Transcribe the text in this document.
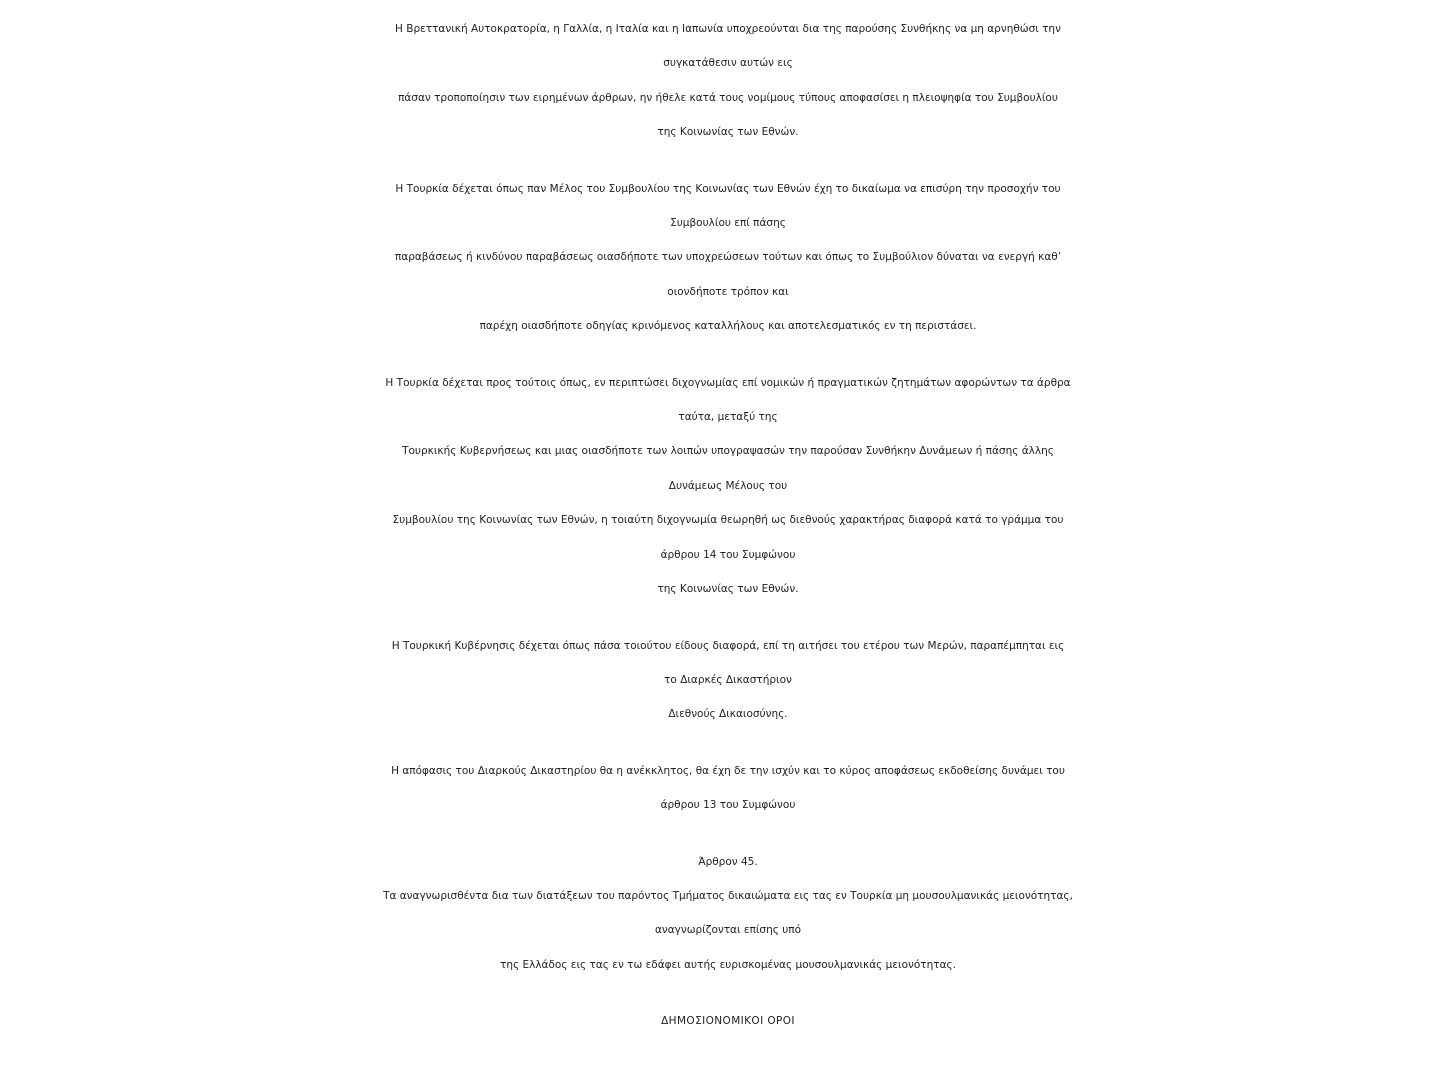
Η Βρεττανική Αυτοκρατορία, η Γαλλία, η Ιταλία και η Ιαπωνία υποχρεούνται δια της παρούσης Συνθήκης να μη αρνηθώσι την
συγκατάθεσιν αυτών εις
πάσαν τροποποίησιν των ειρημένων άρθρων, ην ήθελε κατά τους νομίμους τύπους αποφασίσει η πλειοψηφία του Συμβουλίου
της Κοινωνίας των Εθνών.

Η Τουρκία δέχεται όπως παν Μέλος του Συμβουλίου της Κοινωνίας των Εθνών έχη το δικαίωμα να επισύρη την προσοχήν του
Συμβουλίου επί πάσης
παραβάσεως ή κινδύνου παραβάσεως οιασδήποτε των υποχρεώσεων τούτων και όπως το Συμβούλιον δύναται να ενεργή καθ’
οιονδήποτε τρόπον και
παρέχη οιασδήποτε οδηγίας κρινόμενος καταλλήλους και αποτελεσματικός εν τη περιστάσει.

Η Τουρκία δέχεται προς τούτοις όπως, εν περιπτώσει διχογνωμίας επί νομικών ή πραγματικών ζητημάτων αφορώντων τα άρθρα
ταύτα, μεταξύ της
Τουρκικής Κυβερνήσεως και μιας οιασδήποτε των λοιπών υπογραψασών την παρούσαν Συνθήκην Δυνάμεων ή πάσης άλλης
Δυνάμεως Μέλους του
Συμβουλίου της Κοινωνίας των Εθνών, η τοιαύτη διχογνωμία θεωρηθή ως διεθνούς χαρακτήρας διαφορά κατά το γράμμα του
άρθρου 14 του Συμφώνου
της Κοινωνίας των Εθνών.

Η Τουρκική Κυβέρνησις δέχεται όπως πάσα τοιούτου είδους διαφορά, επί τη αιτήσει του ετέρου των Μερών, παραπέμπηται εις
το Διαρκές Δικαστήριον
Διεθνούς Δικαιοσύνης.

Η απόφασις του Διαρκούς Δικαστηρίου θα η ανέκκλητος, θα έχη δε την ισχύν και το κύρος αποφάσεως εκδοθείσης δυνάμει του
άρθρου 13 του Συμφώνου

Άρθρον 45.
Τα αναγνωρισθέντα δια των διατάξεων του παρόντος Τμήματος δικαιώματα εις τας εν Τουρκία μη μουσουλμανικάς μειονότητας,
αναγνωρίζονται επίσης υπό
της Ελλάδος εις τας εν τω εδάφει αυτής ευρισκομένας μουσουλμανικάς μειονότητας.

ΔΗΜΟΣΙΟΝΟΜΙΚΟΙ ΟΡΟΙ
